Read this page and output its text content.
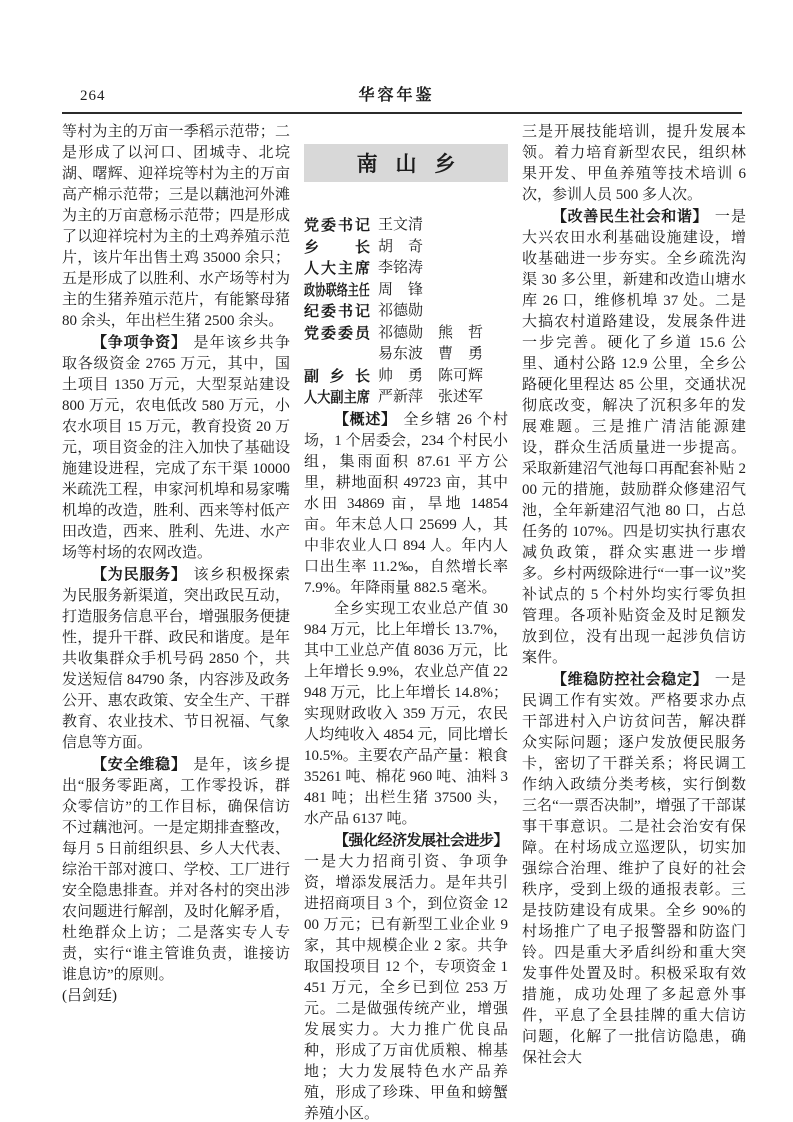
264	华容年鉴

等村为主的万亩一季稻示范带；二是形成了以河口、团城寺、北垸湖、曙辉、迎祥垸等村为主的万亩高产棉示范带；三是以藕池河外滩为主的万亩意杨示范带；四是形成了以迎祥垸村为主的土鸡养殖示范片，该片年出售土鸡 35000 余只；五是形成了以胜利、水产场等村为主的生猪养殖示范片，有能繁母猪 80 余头，年出栏生猪 2500 余头。

【争项争资】 是年该乡共争取各级资金 2765 万元，其中，国土项目 1350 万元，大型泵站建设 800 万元，农电低改 580 万元，小农水项目 15 万元，教育投资 20 万元，项目资金的注入加快了基础设施建设进程，完成了东干渠 10000 米疏洗工程，申家河机埠和易家嘴机埠的改造，胜利、西来等村低产田改造，西来、胜利、先进、水产场等村场的农网改造。

【为民服务】 该乡积极探索为民服务新渠道，突出政民互动，打造服务信息平台，增强服务便捷性，提升干群、政民和谐度。是年共收集群众手机号码 2850 个，共发送短信 84790 条，内容涉及政务公开、惠农政策、安全生产、干群教育、农业技术、节日祝福、气象信息等方面。

【安全维稳】 是年，该乡提出“服务零距离，工作零投诉，群众零信访”的工作目标，确保信访不过藕池河。一是定期排查整改，每月 5 日前组织县、乡人大代表、综治干部对渡口、学校、工厂进行安全隐患排查。并对各村的突出涉农问题进行解剖，及时化解矛盾，杜绝群众上访；二是落实专人专责，实行“谁主管谁负责，谁接访谁息访”的原则。

(吕剑廷)

南山乡
党委书记 王文清
乡长 胡　奇
人大主席 李铭涛
政协联络主任 周　锋
纪委书记 祁德勋
党委委员 祁德勋　熊　哲
易东波　曹　勇
副乡长 帅　勇　陈可辉
人大副主席 严新萍　张述军

【概述】 全乡辖 26 个村场，1 个居委会，234 个村民小组，集雨面积 87.61 平方公里，耕地面积 49723 亩，其中水田 34869 亩，旱地 14854 亩。年末总人口 25699 人，其中非农业人口 894 人。年内人口出生率 11.2‰，自然增长率 7.9%。年降雨量 882.5 毫米。

全乡实现工农业总产值 30984 万元，比上年增长 13.7%，其中工业总产值 8036 万元，比上年增长 9.9%，农业总产值 22948 万元，比上年增长 14.8%；实现财政收入 359 万元，农民人均纯收入 4854 元，同比增长 10.5%。主要农产品产量：粮食 35261 吨、棉花 960 吨、油料 3481 吨；出栏生猪 37500 头，水产品 6137 吨。

【强化经济发展社会进步】一是大力招商引资、争项争资，增添发展活力。是年共引进招商项目 3 个，到位资金 1200 万元；已有新型工业企业 9 家，其中规模企业 2 家。共争取国投项目 12 个，专项资金 1451 万元，全乡已到位 253 万元。二是做强传统产业，增强发展实力。大力推广优良品种，形成了万亩优质粮、棉基地；大力发展特色水产品养殖，形成了珍珠、甲鱼和螃蟹养殖小区。

三是开展技能培训，提升发展本领。着力培育新型农民，组织林果开发、甲鱼养殖等技术培训 6 次，参训人员 500 多人次。

【改善民生社会和谐】 一是大兴农田水利基础设施建设，增收基础进一步夯实。全乡疏洗沟渠 30 多公里，新建和改造山塘水库 26 口，维修机埠 37 处。二是大搞农村道路建设，发展条件进一步完善。硬化了乡道 15.6 公里、通村公路 12.9 公里，全乡公路硬化里程达 85 公里，交通状况彻底改变，解决了沉积多年的发展难题。三是推广清洁能源建设，群众生活质量进一步提高。采取新建沼气池每口再配套补贴 200 元的措施，鼓励群众修建沼气池，全年新建沼气池 80 口，占总任务的 107%。四是切实执行惠农减负政策，群众实惠进一步增多。乡村两级除进行“一事一议”奖补试点的 5 个村外均实行零负担管理。各项补贴资金及时足额发放到位，没有出现一起涉负信访案件。

【维稳防控社会稳定】 一是民调工作有实效。严格要求办点干部进村入户访贫问苦，解决群众实际问题；逐户发放便民服务卡，密切了干群关系；将民调工作纳入政绩分类考核，实行倒数三名“一票否决制”，增强了干部谋事干事意识。二是社会治安有保障。在村场成立巡逻队，切实加强综合治理、维护了良好的社会秩序，受到上级的通报表彰。三是技防建设有成果。全乡 90%的村场推广了电子报警器和防盗门铃。四是重大矛盾纠纷和重大突发事件处置及时。积极采取有效措施，成功处理了多起意外事件，平息了全县挂牌的重大信访问题，化解了一批信访隐患，确保社会大
